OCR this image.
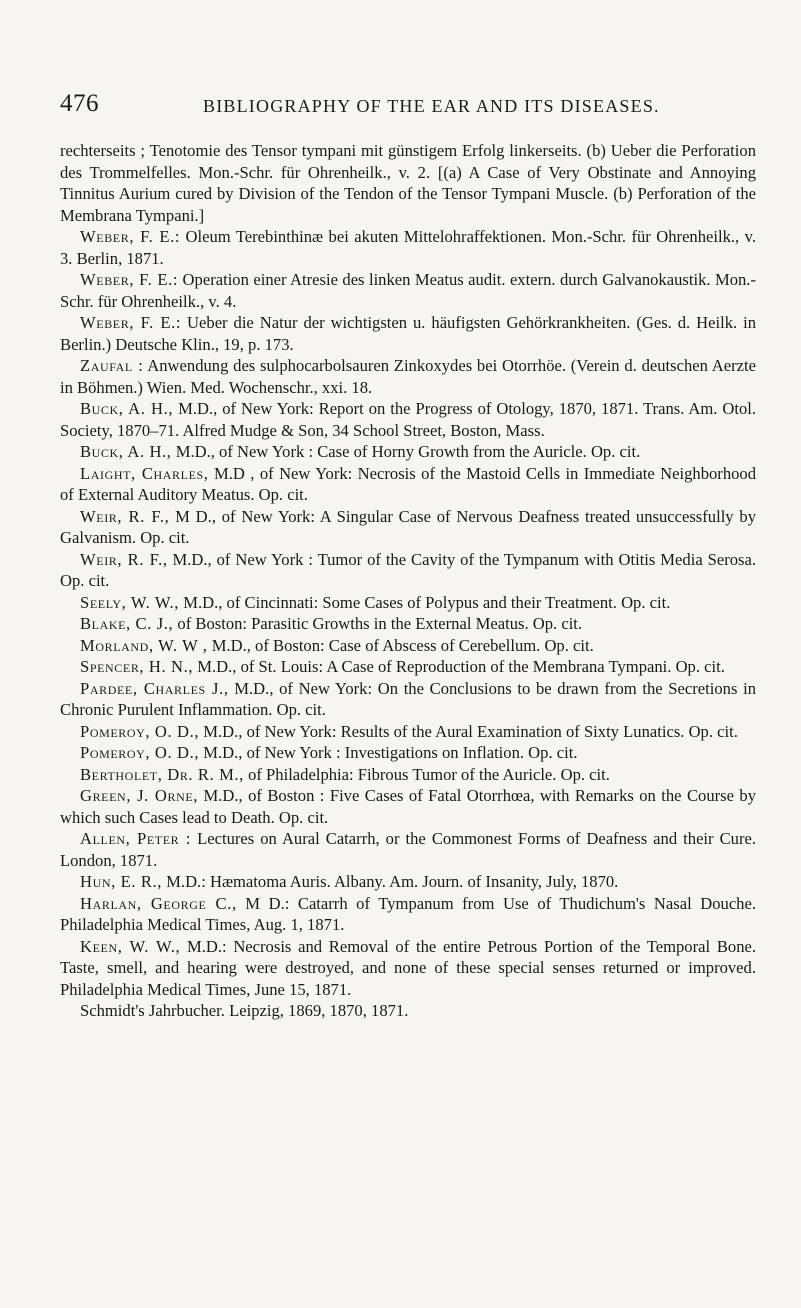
476	BIBLIOGRAPHY OF THE EAR AND ITS DISEASES.

rechterseits ; Tenotomie des Tensor tympani mit günstigem Erfolg linkerseits. (b) Ueber die Perforation des Trommelfelles. Mon.-Schr. für Ohrenheilk., v. 2. [(a) A Case of Very Obstinate and Annoying Tinnitus Aurium cured by Division of the Tendon of the Tensor Tympani Muscle. (b) Perforation of the Membrana Tympani.]

Weber, F. E.: Oleum Terebinthinæ bei akuten Mittelohraffektionen. Mon.-Schr. für Ohrenheilk., v. 3. Berlin, 1871.

Weber, F. E.: Operation einer Atresie des linken Meatus audit. extern. durch Galvanokaustik. Mon.-Schr. für Ohrenheilk., v. 4.

Weber, F. E.: Ueber die Natur der wichtigsten u. häufigsten Gehörkrankheiten. (Ges. d. Heilk. in Berlin.) Deutsche Klin., 19, p. 173.

Zaufal : Anwendung des sulphocarbolsauren Zinkoxydes bei Otorrhöe. (Verein d. deutschen Aerzte in Böhmen.) Wien. Med. Wochenschr., xxi. 18.

Buck, A. H., M.D., of New York: Report on the Progress of Otology, 1870, 1871. Trans. Am. Otol. Society, 1870–71. Alfred Mudge & Son, 34 School Street, Boston, Mass.

Buck, A. H., M.D., of New York : Case of Horny Growth from the Auricle. Op. cit.

Laight, Charles, M.D , of New York: Necrosis of the Mastoid Cells in Immediate Neighborhood of External Auditory Meatus. Op. cit.

Weir, R. F., M D., of New York: A Singular Case of Nervous Deafness treated unsuccessfully by Galvanism. Op. cit.

Weir, R. F., M.D., of New York : Tumor of the Cavity of the Tympanum with Otitis Media Serosa. Op. cit.

Seely, W. W., M.D., of Cincinnati: Some Cases of Polypus and their Treatment. Op. cit.

Blake, C. J., of Boston: Parasitic Growths in the External Meatus. Op. cit.

Morland, W. W , M.D., of Boston: Case of Abscess of Cerebellum. Op. cit.

Spencer, H. N., M.D., of St. Louis: A Case of Reproduction of the Membrana Tympani. Op. cit.

Pardee, Charles J., M.D., of New York: On the Conclusions to be drawn from the Secretions in Chronic Purulent Inflammation. Op. cit.

Pomeroy, O. D., M.D., of New York: Results of the Aural Examination of Sixty Lunatics. Op. cit.

Pomeroy, O. D., M.D., of New York : Investigations on Inflation. Op. cit.

Bertholet, Dr. R. M., of Philadelphia: Fibrous Tumor of the Auricle. Op. cit.

Green, J. Orne, M.D., of Boston : Five Cases of Fatal Otorrhœa, with Remarks on the Course by which such Cases lead to Death. Op. cit.

Allen, Peter : Lectures on Aural Catarrh, or the Commonest Forms of Deafness and their Cure. London, 1871.

Hun, E. R., M.D.: Hæmatoma Auris. Albany. Am. Journ. of Insanity, July, 1870.

Harlan, George C., M D.: Catarrh of Tympanum from Use of Thudichum's Nasal Douche. Philadelphia Medical Times, Aug. 1, 1871.

Keen, W. W., M.D.: Necrosis and Removal of the entire Petrous Portion of the Temporal Bone. Taste, smell, and hearing were destroyed, and none of these special senses returned or improved. Philadelphia Medical Times, June 15, 1871.

Schmidt's Jahrbucher. Leipzig, 1869, 1870, 1871.
